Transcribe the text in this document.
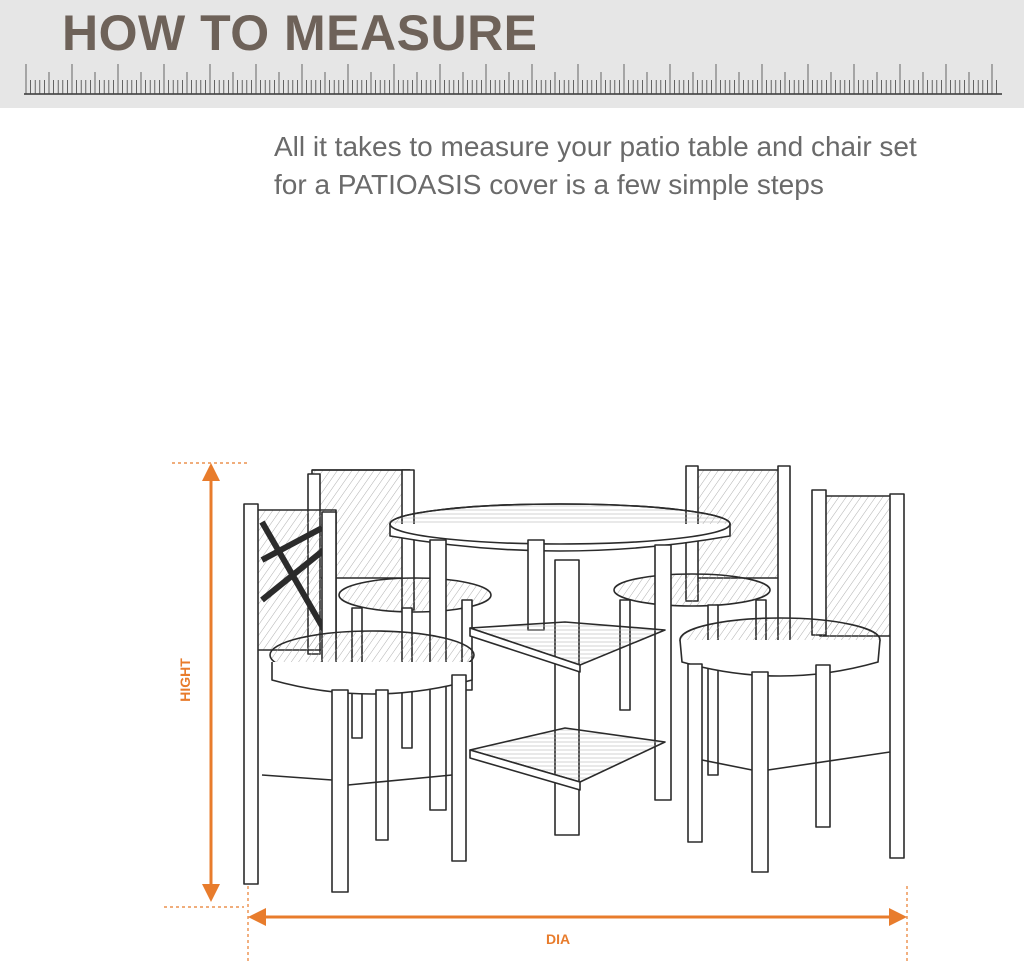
HOW TO MEASURE
All it takes to measure your patio table and chair set
for a PATIOASIS cover is a few simple steps
HIGHT
DIA
